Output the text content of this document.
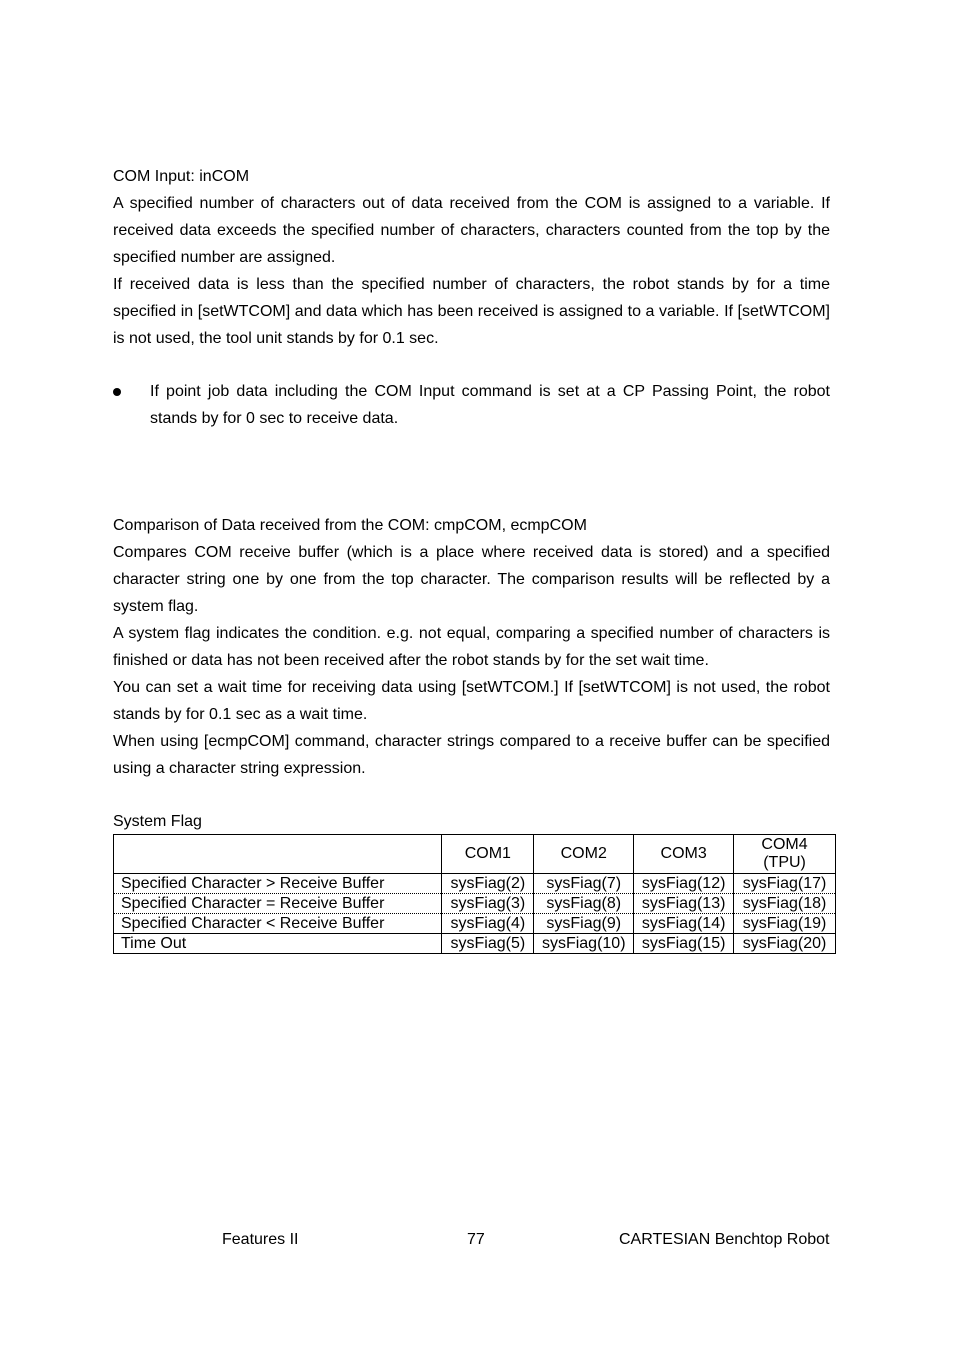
COM Input: inCOM

A specified number of characters out of data received from the COM is assigned to a variable. If received data exceeds the specified number of characters, characters counted from the top by the specified number are assigned.

If received data is less than the specified number of characters, the robot stands by for a time specified in [setWTCOM] and data which has been received is assigned to a variable. If [setWTCOM] is not used, the tool unit stands by for 0.1 sec.

If point job data including the COM Input command is set at a CP Passing Point, the robot stands by for 0 sec to receive data.

Comparison of Data received from the COM: cmpCOM, ecmpCOM

Compares COM receive buffer (which is a place where received data is stored) and a specified character string one by one from the top character. The comparison results will be reflected by a system flag.

A system flag indicates the condition. e.g. not equal, comparing a specified number of characters is finished or data has not been received after the robot stands by for the set wait time.

You can set a wait time for receiving data using [setWTCOM.] If [setWTCOM] is not used, the robot stands by for 0.1 sec as a wait time.

When using [ecmpCOM] command, character strings compared to a receive buffer can be specified using a character string expression.

System Flag
	COM1	COM2	COM3	COM4
(TPU)
Specified Character > Receive Buffer	sysFiag(2)	sysFiag(7)	sysFiag(12)	sysFiag(17)
Specified Character = Receive Buffer	sysFiag(3)	sysFiag(8)	sysFiag(13)	sysFiag(18)
Specified Character < Receive Buffer	sysFiag(4)	sysFiag(9)	sysFiag(14)	sysFiag(19)
Time Out	sysFiag(5)	sysFiag(10)	sysFiag(15)	sysFiag(20)
Features II	77	CARTESIAN Benchtop Robot
